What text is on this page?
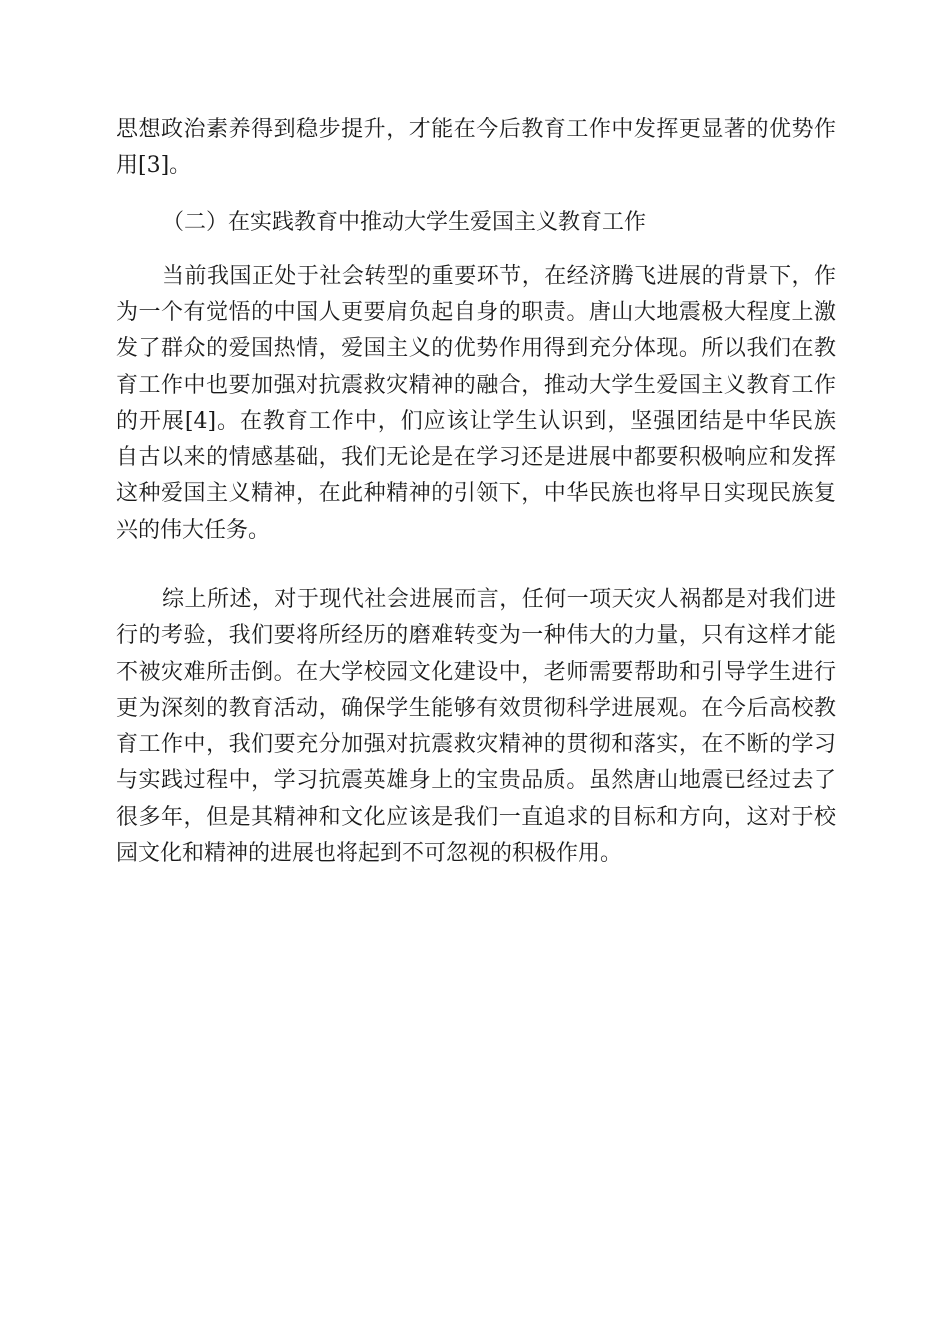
思想政治素养得到稳步提升，才能在今后教育工作中发挥更显著的优势作
用[3]。
（二）在实践教育中推动大学生爱国主义教育工作
当前我国正处于社会转型的重要环节，在经济腾飞进展的背景下，作
为一个有觉悟的中国人更要肩负起自身的职责。唐山大地震极大程度上激
发了群众的爱国热情，爱国主义的优势作用得到充分体现。所以我们在教
育工作中也要加强对抗震救灾精神的融合，推动大学生爱国主义教育工作
的开展[4]。在教育工作中，们应该让学生认识到，坚强团结是中华民族
自古以来的情感基础，我们无论是在学习还是进展中都要积极响应和发挥
这种爱国主义精神，在此种精神的引领下，中华民族也将早日实现民族复
兴的伟大任务。
综上所述，对于现代社会进展而言，任何一项天灾人祸都是对我们进
行的考验，我们要将所经历的磨难转变为一种伟大的力量，只有这样才能
不被灾难所击倒。在大学校园文化建设中，老师需要帮助和引导学生进行
更为深刻的教育活动，确保学生能够有效贯彻科学进展观。在今后高校教
育工作中，我们要充分加强对抗震救灾精神的贯彻和落实，在不断的学习
与实践过程中，学习抗震英雄身上的宝贵品质。虽然唐山地震已经过去了
很多年，但是其精神和文化应该是我们一直追求的目标和方向，这对于校
园文化和精神的进展也将起到不可忽视的积极作用。
